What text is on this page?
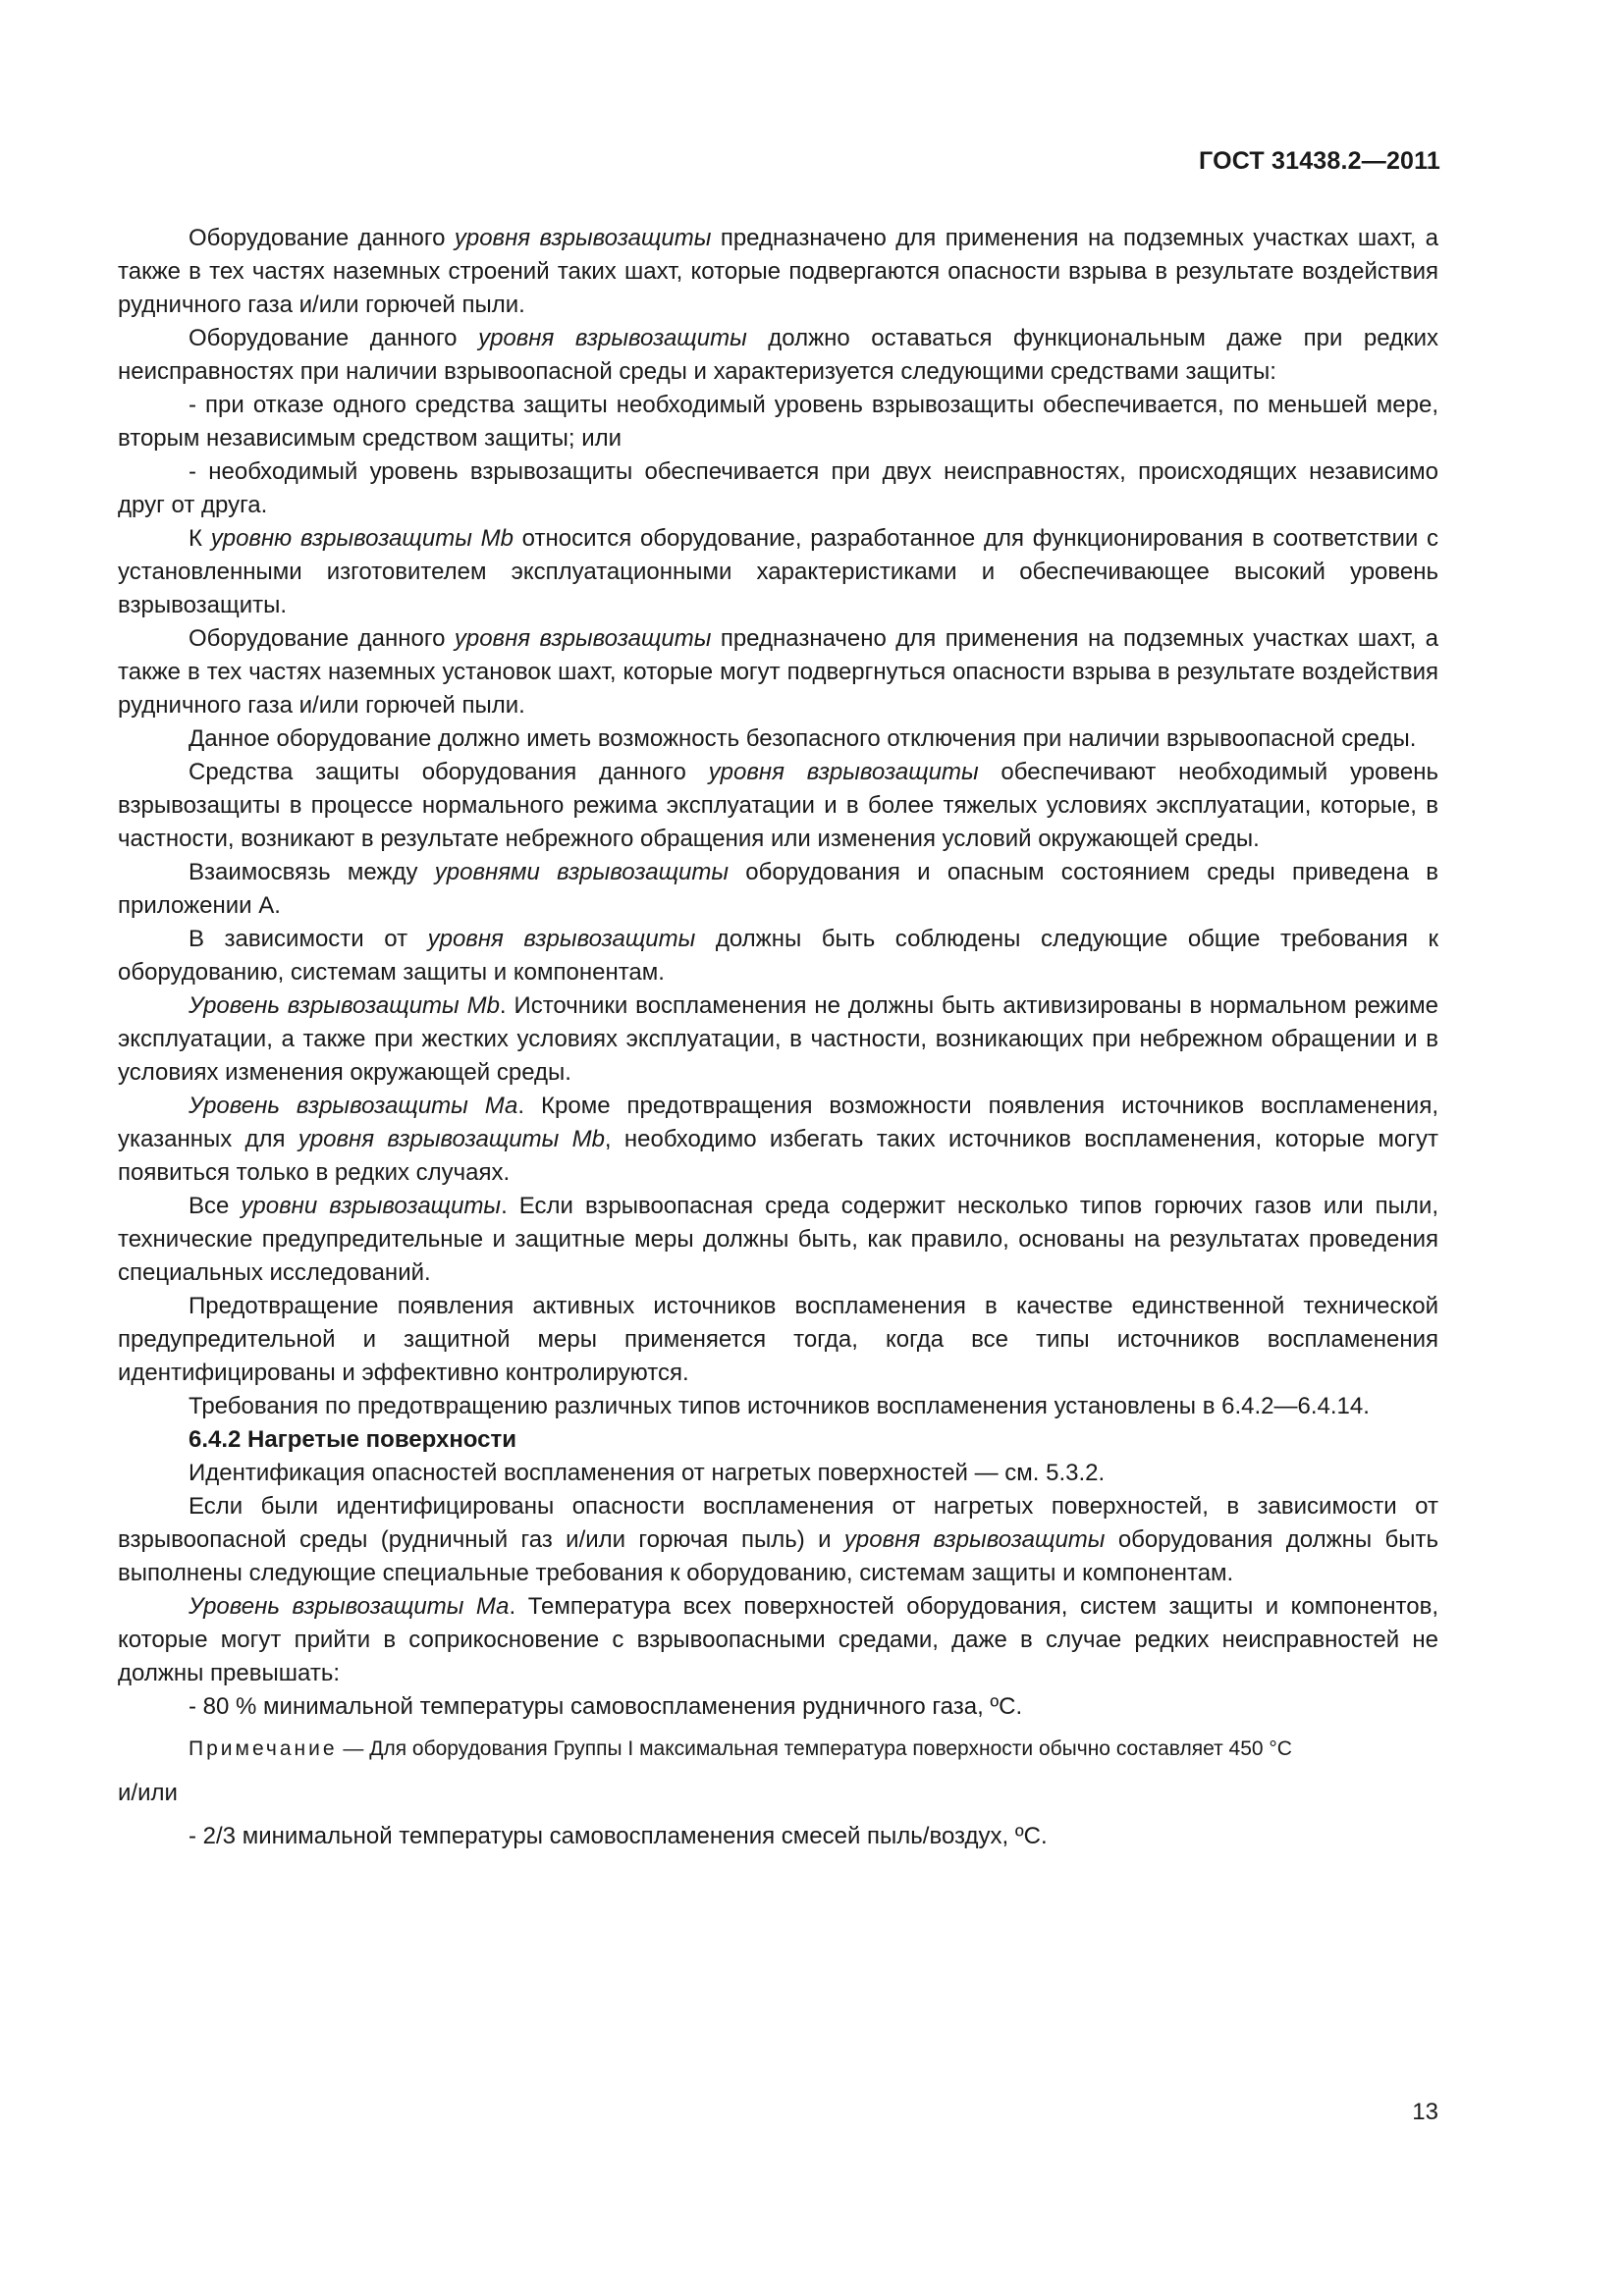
ГОСТ 31438.2—2011

Оборудование данного уровня взрывозащиты предназначено для применения на подземных участках шахт, а также в тех частях наземных строений таких шахт, которые подвергаются опасности взрыва в результате воздействия рудничного газа и/или горючей пыли.

Оборудование данного уровня взрывозащиты должно оставаться функциональным даже при редких неисправностях при наличии взрывоопасной среды и характеризуется следующими средствами защиты:

- при отказе одного средства защиты необходимый уровень взрывозащиты обеспечивается, по меньшей мере, вторым независимым средством защиты; или

- необходимый уровень взрывозащиты обеспечивается при двух неисправностях, происходящих независимо друг от друга.

К уровню взрывозащиты Mb относится оборудование, разработанное для функционирования в соответствии с установленными изготовителем эксплуатационными характеристиками и обеспечивающее высокий уровень взрывозащиты.

Оборудование данного уровня взрывозащиты предназначено для применения на подземных участках шахт, а также в тех частях наземных установок шахт, которые могут подвергнуться опасности взрыва в результате воздействия рудничного газа и/или горючей пыли.

Данное оборудование должно иметь возможность безопасного отключения при наличии взрывоопасной среды.

Средства защиты оборудования данного уровня взрывозащиты обеспечивают необходимый уровень взрывозащиты в процессе нормального режима эксплуатации и в более тяжелых условиях эксплуатации, которые, в частности, возникают в результате небрежного обращения или изменения условий окружающей среды.

Взаимосвязь между уровнями взрывозащиты оборудования и опасным состоянием среды приведена в приложении А.

В зависимости от уровня взрывозащиты должны быть соблюдены следующие общие требования к оборудованию, системам защиты и компонентам.

Уровень взрывозащиты Mb. Источники воспламенения не должны быть активизированы в нормальном режиме эксплуатации, а также при жестких условиях эксплуатации, в частности, возникающих при небрежном обращении и в условиях изменения окружающей среды.

Уровень взрывозащиты Ма. Кроме предотвращения возможности появления источников воспламенения, указанных для уровня взрывозащиты Mb, необходимо избегать таких источников воспламенения, которые могут появиться только в редких случаях.

Все уровни взрывозащиты. Если взрывоопасная среда содержит несколько типов горючих газов или пыли, технические предупредительные и защитные меры должны быть, как правило, основаны на результатах проведения специальных исследований.

Предотвращение появления активных источников воспламенения в качестве единственной технической предупредительной и защитной меры применяется тогда, когда все типы источников воспламенения идентифицированы и эффективно контролируются.

Требования по предотвращению различных типов источников воспламенения установлены в 6.4.2—6.4.14.

6.4.2 Нагретые поверхности

Идентификация опасностей воспламенения от нагретых поверхностей — см. 5.3.2.

Если были идентифицированы опасности воспламенения от нагретых поверхностей, в зависимости от взрывоопасной среды (рудничный газ и/или горючая пыль) и уровня взрывозащиты оборудования должны быть выполнены следующие специальные требования к оборудованию, системам защиты и компонентам.

Уровень взрывозащиты Ма. Температура всех поверхностей оборудования, систем защиты и компонентов, которые могут прийти в соприкосновение с взрывоопасными средами, даже в случае редких неисправностей не должны превышать:

- 80 % минимальной температуры самовоспламенения рудничного газа, ºС.

Примечание — Для оборудования Группы I максимальная температура поверхности обычно составляет 450 °С

и/или

- 2/3 минимальной температуры самовоспламенения смесей пыль/воздух, ºС.

13
